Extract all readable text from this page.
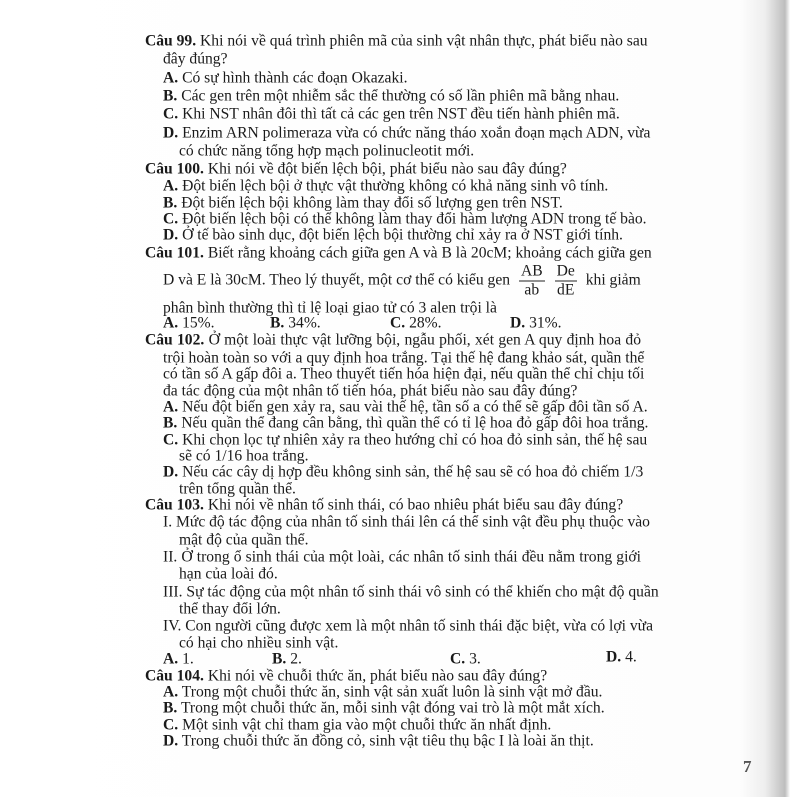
Câu 99. Khi nói về quá trình phiên mã của sinh vật nhân thực, phát biểu nào sau
đây đúng?
A. Có sự hình thành các đoạn Okazaki.
B. Các gen trên một nhiễm sắc thể thường có số lần phiên mã bằng nhau.
C. Khi NST nhân đôi thì tất cả các gen trên NST đều tiến hành phiên mã.
D. Enzim ARN polimeraza vừa có chức năng tháo xoắn đoạn mạch ADN, vừa
có chức năng tổng hợp mạch polinucleotit mới.
Câu 100. Khi nói về đột biến lệch bội, phát biểu nào sau đây đúng?
A. Đột biến lệch bội ở thực vật thường không có khả năng sinh vô tính.
B. Đột biến lệch bội không làm thay đổi số lượng gen trên NST.
C. Đột biến lệch bội có thể không làm thay đổi hàm lượng ADN trong tế bào.
D. Ở tế bào sinh dục, đột biến lệch bội thường chỉ xảy ra ở NST giới tính.
Câu 101. Biết rằng khoảng cách giữa gen A và B là 20cM; khoảng cách giữa gen
D và E là 30cM. Theo lý thuyết, một cơ thể có kiểu gen $\frac{AB}{ab} \frac{De}{dE}$ khi giảm
phân bình thường thì tỉ lệ loại giao tử có 3 alen trội là
A. 15%.	B. 34%.	C. 28%.	D. 31%.
Câu 102. Ở một loài thực vật lưỡng bội, ngẫu phối, xét gen A quy định hoa đỏ
trội hoàn toàn so với a quy định hoa trắng. Tại thế hệ đang khảo sát, quần thể
có tần số A gấp đôi a. Theo thuyết tiến hóa hiện đại, nếu quần thể chỉ chịu tối
đa tác động của một nhân tố tiến hóa, phát biểu nào sau đây đúng?
A. Nếu đột biến gen xảy ra, sau vài thế hệ, tần số a có thể sẽ gấp đôi tần số A.
B. Nếu quần thể đang cân bằng, thì quần thể có tỉ lệ hoa đỏ gấp đôi hoa trắng.
C. Khi chọn lọc tự nhiên xảy ra theo hướng chỉ có hoa đỏ sinh sản, thế hệ sau
sẽ có 1/16 hoa trắng.
D. Nếu các cây dị hợp đều không sinh sản, thế hệ sau sẽ có hoa đỏ chiếm 1/3
trên tổng quần thể.
Câu 103. Khi nói về nhân tố sinh thái, có bao nhiêu phát biểu sau đây đúng?
I. Mức độ tác động của nhân tố sinh thái lên cá thể sinh vật đều phụ thuộc vào
mật độ của quần thể.
II. Ở trong ổ sinh thái của một loài, các nhân tố sinh thái đều nằm trong giới
hạn của loài đó.
III. Sự tác động của một nhân tố sinh thái vô sinh có thể khiến cho mật độ quần
thể thay đổi lớn.
IV. Con người cũng được xem là một nhân tố sinh thái đặc biệt, vừa có lợi vừa
có hại cho nhiều sinh vật.
A. 1.	B. 2.	C. 3.	D. 4.
Câu 104. Khi nói về chuỗi thức ăn, phát biểu nào sau đây đúng?
A. Trong một chuỗi thức ăn, sinh vật sản xuất luôn là sinh vật mở đầu.
B. Trong một chuỗi thức ăn, mỗi sinh vật đóng vai trò là một mắt xích.
C. Một sinh vật chỉ tham gia vào một chuỗi thức ăn nhất định.
D. Trong chuỗi thức ăn đồng cỏ, sinh vật tiêu thụ bậc I là loài ăn thịt.
7
